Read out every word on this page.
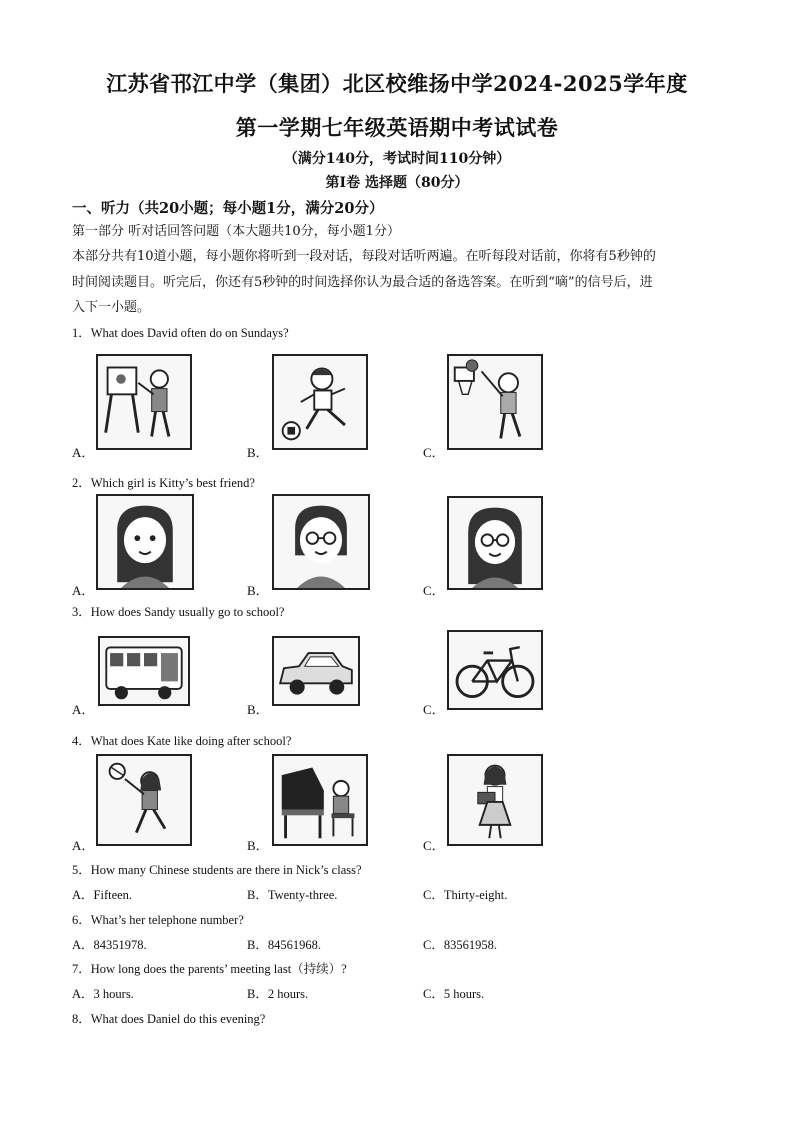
江苏省邗江中学（集团）北区校维扬中学2024-2025学年度
第一学期七年级英语期中考试试卷
（满分140分，考试时间110分钟）
第Ⅰ卷 选择题（80分）
一、听力（共20小题；每小题1分，满分20分）
第一部分 听对话回答问题（本大题共10分，每小题1分）
本部分共有10道小题，每小题你将听到一段对话，每段对话听两遍。在听每段对话前，你将有5秒钟的
时间阅读题目。听完后，你还有5秒钟的时间选择你认为最合适的备选答案。在听到“嘀”的信号后，进
入下一小题。
1．What does David often do on Sundays?
A．	B．	C．
2．Which girl is Kitty’s best friend?
A．	B．	C．
3．How does Sandy usually go to school?
A．	B．	C．
4．What does Kate like doing after school?
A．	B．	C．
5．How many Chinese students are there in Nick’s class?
A．Fifteen.	B．Twenty-three.	C．Thirty-eight.
6．What’s her telephone number?
A．84351978.	B．84561968.	C．83561958.
7．How long does the parents’ meeting last（持续）?
A．3 hours.	B．2 hours.	C．5 hours.
8．What does Daniel do this evening?
